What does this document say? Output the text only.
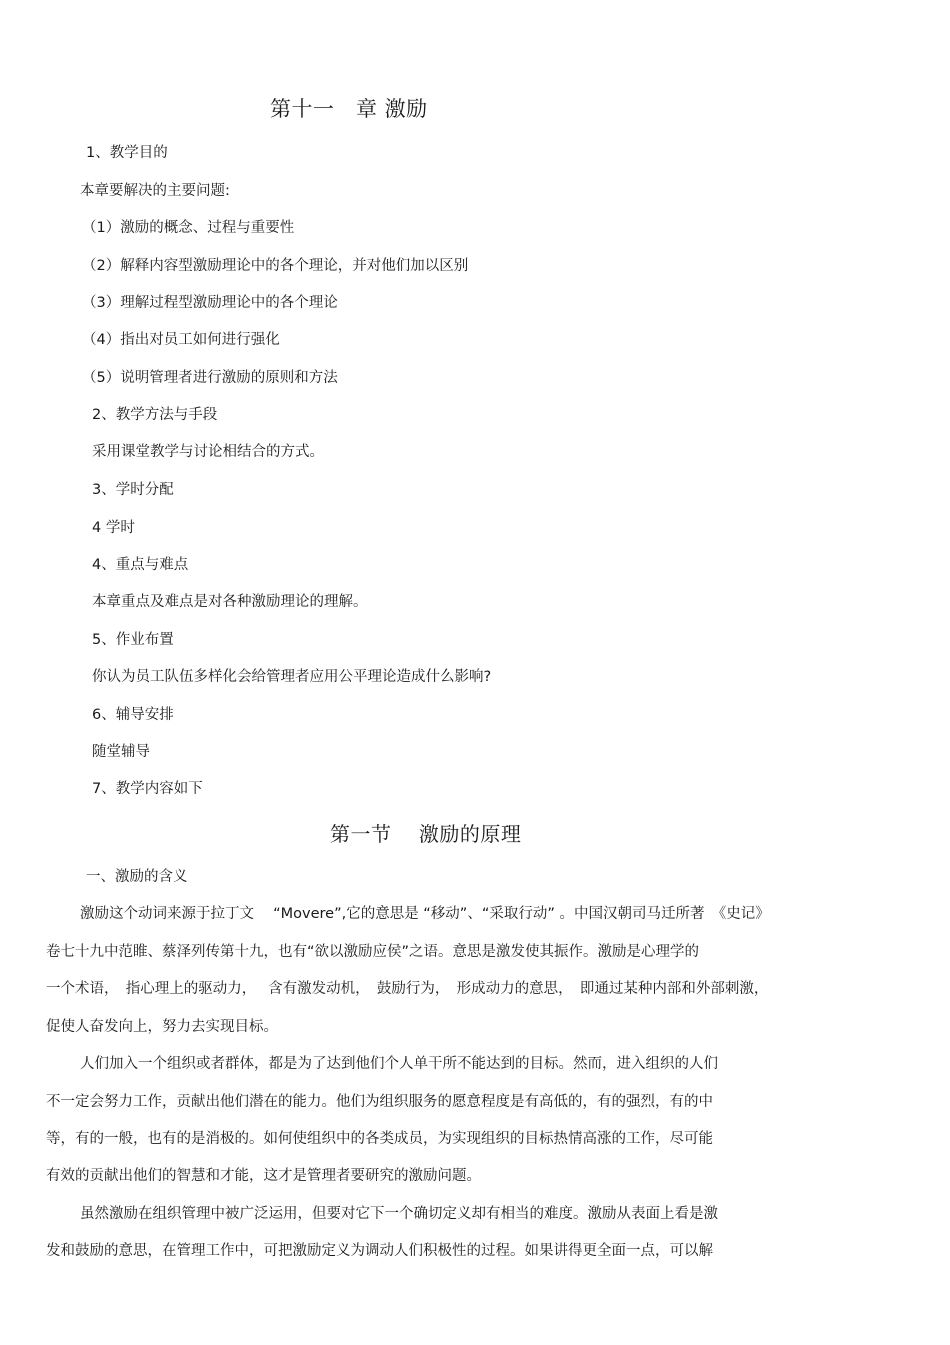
第十一　章 激励
1、教学目的
本章要解决的主要问题:
（1）激励的概念、过程与重要性
（2）解释内容型激励理论中的各个理论，并对他们加以区别
（3）理解过程型激励理论中的各个理论
（4）指出对员工如何进行强化
（5）说明管理者进行激励的原则和方法
2、教学方法与手段
采用课堂教学与讨论相结合的方式。
3、学时分配
4 学时
4、重点与难点
本章重点及难点是对各种激励理论的理解。
5、作业布置
你认为员工队伍多样化会给管理者应用公平理论造成什么影响?
6、辅导安排
随堂辅导
7、教学内容如下
第一节　 激励的原理
一、激励的含义
激励这个动词来源于拉丁文　 “Movere”,它的意思是 “移动”、“采取行动” 。中国汉朝司马迁所著　《史记》
卷七十九中范睢、蔡泽列传第十九，也有“欲以激励应侯”之语。意思是激发使其振作。激励是心理学的
一个术语，　指心理上的驱动力，　 含有激发动机，　鼓励行为，　形成动力的意思，　即通过某种内部和外部刺激，
促使人奋发向上，努力去实现目标。
人们加入一个组织或者群体，都是为了达到他们个人单干所不能达到的目标。然而，进入组织的人们
不一定会努力工作，贡献出他们潜在的能力。他们为组织服务的愿意程度是有高低的，有的强烈，有的中
等，有的一般，也有的是消极的。如何使组织中的各类成员，为实现组织的目标热情高涨的工作，尽可能
有效的贡献出他们的智慧和才能，这才是管理者要研究的激励问题。
虽然激励在组织管理中被广泛运用，但要对它下一个确切定义却有相当的难度。激励从表面上看是激
发和鼓励的意思，在管理工作中，可把激励定义为调动人们积极性的过程。如果讲得更全面一点，可以解
